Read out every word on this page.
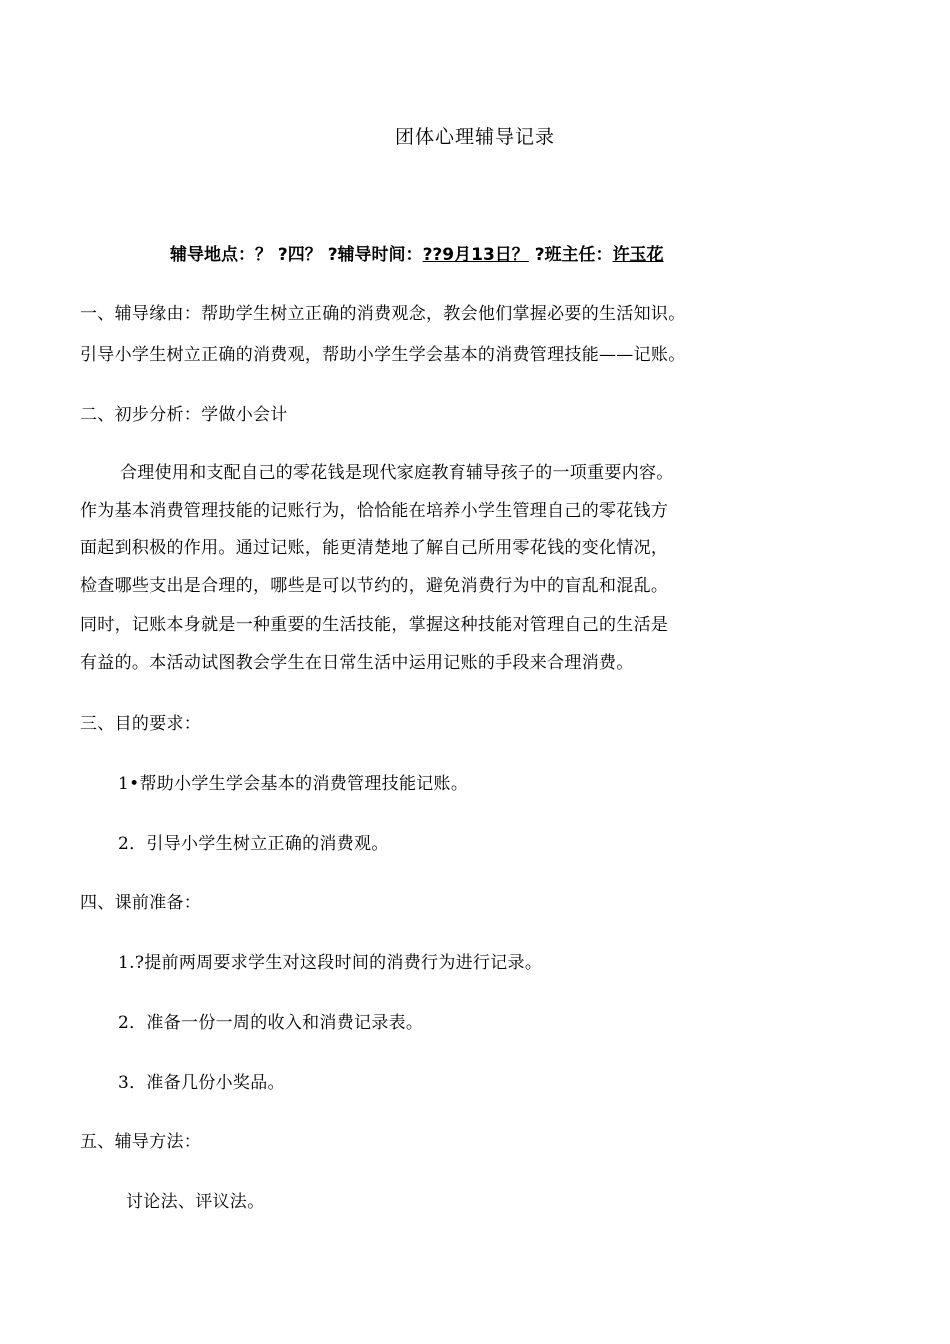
团体心理辅导记录
辅导地点：？ ?四？ ?辅导时间：??9月13日？ ?班主任：许玉花
一、辅导缘由：帮助学生树立正确的消费观念，教会他们掌握必要的生活知识。
引导小学生树立正确的消费观，帮助小学生学会基本的消费管理技能——记账。
二、初步分析：学做小会计
合理使用和支配自己的零花钱是现代家庭教育辅导孩子的一项重要内容。
作为基本消费管理技能的记账行为，恰恰能在培养小学生管理自己的零花钱方
面起到积极的作用。通过记账，能更清楚地了解自己所用零花钱的变化情况，
检查哪些支出是合理的，哪些是可以节约的，避免消费行为中的盲乱和混乱。
同时，记账本身就是一种重要的生活技能，掌握这种技能对管理自己的生活是
有益的。本活动试图教会学生在日常生活中运用记账的手段来合理消费。
三、目的要求：
1•帮助小学生学会基本的消费管理技能记账。
2．引导小学生树立正确的消费观。
四、课前准备：
1.?提前两周要求学生对这段时间的消费行为进行记录。
2．准备一份一周的收入和消费记录表。
3．准备几份小奖品。
五、辅导方法：
讨论法、评议法。
